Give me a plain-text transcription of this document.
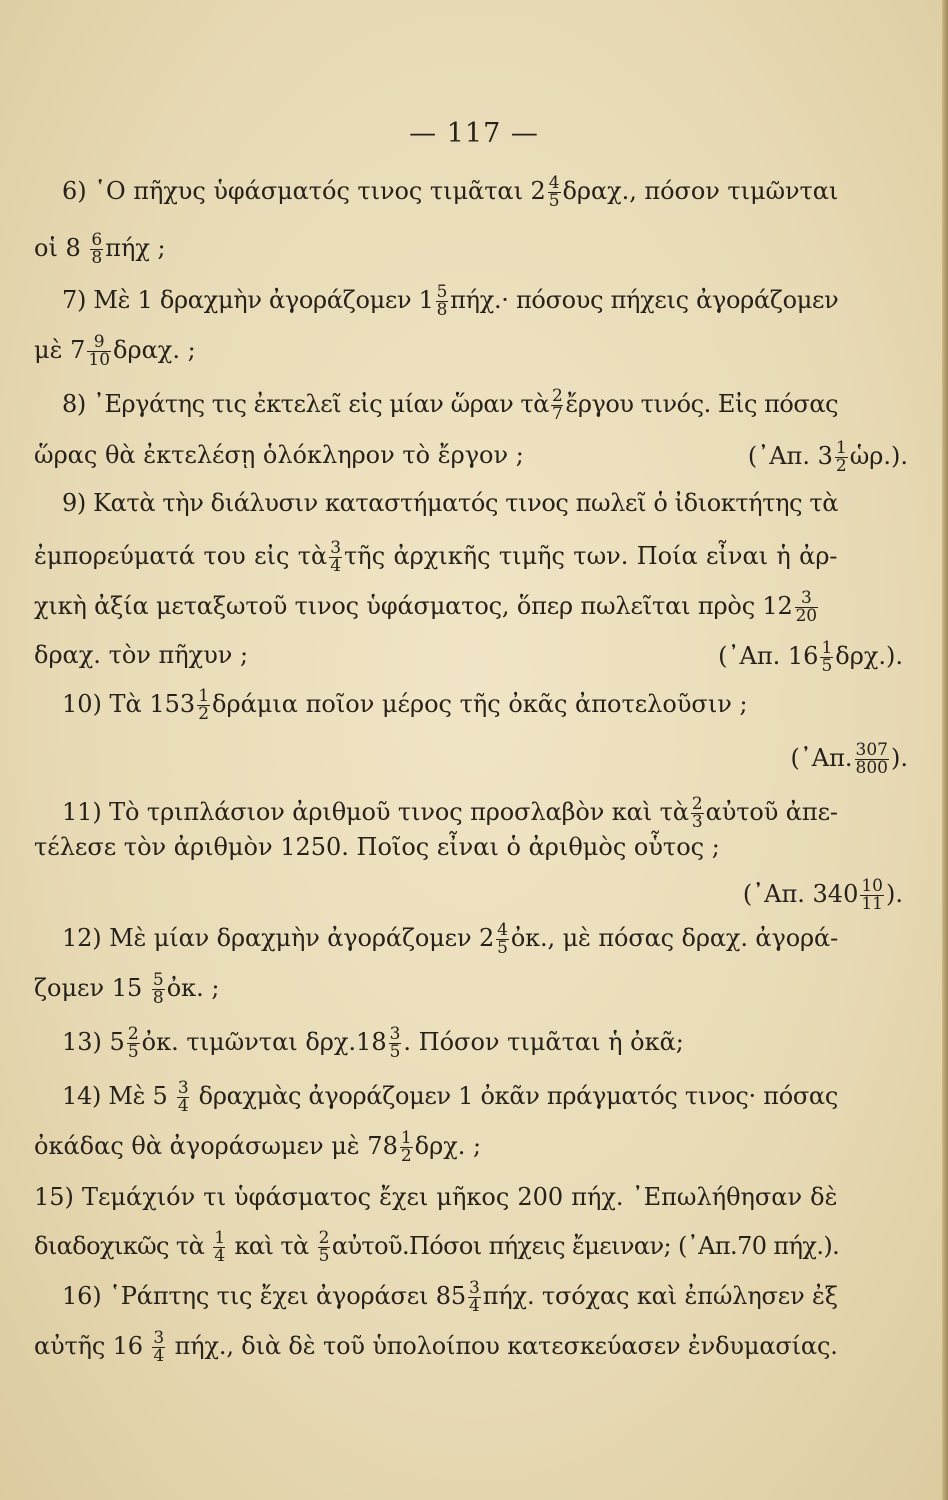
— 117 —
6) ῾Ο πῆχυς ὑφάσματός τινος τιμᾶται $2 \frac{4}{5} \delta\rho\alpha\chi$., πόσον τιμῶνται
οἱ $8 \frac{6}{8}$ πήχ ;
7) Μὲ 1 δραχμὴν ἀγοράζομεν $1 \frac{5}{8} \pi ή\chi.\cdot \pi ό\sigma o\upsilon\varsigma$ πήχεις ἀγοράζομεν
μὲ $7 \frac{9}{10} \delta\rho\alpha\chi$. ;
8) ᾿Εργάτης τις ἐκτελεῖ εἰς μίαν ὥραν τὰ $\frac{2}{7}$ ἔργου τινός. Εἰς πόσας
ὥρας θὰ ἐκτελέσῃ ὁλόκληρον τὸ ἔργον ;	(᾿Απ. $3 \frac{1}{2}$ ὡρ.).
9) Κατὰ τὴν διάλυσιν καταστήματός τινος πωλεῖ ὁ ἰδιοκτήτης τὰ
ἐμπορεύματά του εἰς τὰ $\frac{3}{4}$ τῆς ἀρχικῆς τιμῆς των. Ποία εἶναι ἡ ἀρ-
χικὴ ἀξία μεταξωτοῦ τινος ὑφάσματος, ὅπερ πωλεῖται πρὸς $12 \frac{3}{20}$
δραχ. τὸν πῆχυν ;	(᾿Απ. $16 \frac{1}{5} \delta\rho\chi$.).
10) Τὰ $153 \frac{1}{2}$ δράμια ποῖον μέρος τῆς ὀκᾶς ἀποτελοῦσιν ;
(᾿Απ. $\frac{307}{800}$ ).
11) Τὸ τριπλάσιον ἀριθμοῦ τινος προσλαβὸν καὶ τὰ $\frac{2}{3}$ αὐτοῦ ἀπε-
τέλεσε τὸν ἀριθμὸν 1250. Ποῖος εἶναι ὁ ἀριθμὸς οὗτος ;
(᾿Απ. $340 \frac{10}{11}$ ).
12) Μὲ μίαν δραχμὴν ἀγοράζομεν $2 \frac{4}{5}$ ὀκ., μὲ πόσας δραχ. ἀγορά-
ζομεν $15 \frac{5}{8}$ ὀκ. ;
13) $5 \frac{2}{5}$ ὀκ. τιμῶνται $\delta\rho\chi.18 \frac{3}{5}$ . Πόσον τιμᾶται ἡ ὀκᾶ;
14) Μὲ $5 \frac{3}{4}$ δραχμὰς ἀγοράζομεν 1 ὀκᾶν πράγματός τινος· πόσας
ὀκάδας θὰ ἀγοράσωμεν μὲ $78 \frac{1}{2} \delta\rho\chi$. ;
15) Τεμάχιόν τι ὑφάσματος ἔχει μῆκος 200 πήχ. ᾿Επωλήθησαν δὲ
διαδοχικῶς τὰ $\frac{1}{4}$ καὶ τὰ $\frac{2}{5}$ αὐτοῦ.Πόσοι πήχεις ἔμειναν; (᾿Απ.70 πήχ.).
16) ῾Ράπτης τις ἔχει ἀγοράσει $85 \frac{3}{4} \pi ή\chi$. τσόχας καὶ ἐπώλησεν ἐξ
αὐτῆς $16 \frac{3}{4} \pi ή\chi$., διὰ δὲ τοῦ ὑπολοίπου κατεσκεύασεν ἐνδυμασίας.
